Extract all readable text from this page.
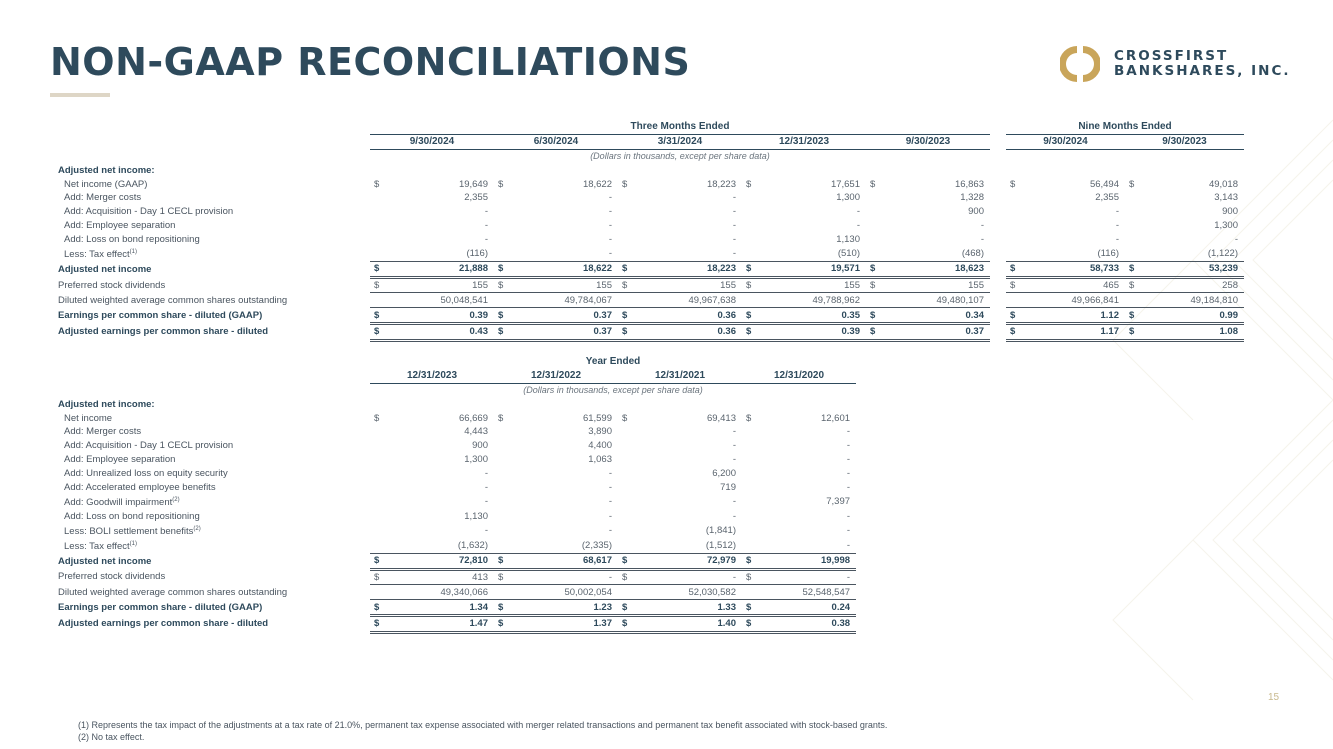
NON-GAAP RECONCILIATIONS	CROSSFIRST
BANKSHARES, INC.
	Three Months Ended						Nine Months Ended	
	9/30/2024	6/30/2024	3/31/2024	12/31/2023	9/30/2023		9/30/2024	9/30/2023
	(Dollars in thousands, except per share data)							
Adjusted net income:	

Net income (GAAP)	$ 19,649	$ 18,622	$ 18,223	$ 17,651	$ 16,863		$ 56,494	$ 49,018

Add: Merger costs	2,355	-	-	1,300	1,328		2,355	3,143

Add: Acquisition - Day 1 CECL provision	-	-	-	-	900		-	900

Add: Employee separation	-	-	-	-	-		-	1,300

Add: Loss on bond repositioning	-	-	-	1,130	-		-	-

Less: Tax effect$^{(1)}$	(116)	-	-	(510)	(468)		(116)	(1,122)

Adjusted net income	$ 21,888	$ 18,622	$ 18,223	$ 19,571	$ 18,623		$ 58,733	$ 53,239

Preferred stock dividends	$ 155	$ 155	$ 155	$ 155	$ 155		$ 465	$ 258

Diluted weighted average common shares outstanding	50,048,541	49,784,067	49,967,638	49,788,962	49,480,107		49,966,841	49,184,810

Earnings per common share - diluted (GAAP)	$ 0.39	$ 0.37	$ 0.36	$ 0.35	$ 0.34		$ 1.12	$ 0.99

Adjusted earnings per common share - diluted	$ 0.43	$ 0.37	$ 0.36	$ 0.39	$ 0.37		$ 1.17	$ 1.08
	Year Ended			
	12/31/2023	12/31/2022	12/31/2021	12/31/2020
	(Dollars in thousands, except per share data)			
Adjusted net income:	

Net income	$ 66,669	$ 61,599	$ 69,413	$ 12,601

Add: Merger costs	4,443	3,890	-	-

Add: Acquisition - Day 1 CECL provision	900	4,400	-	-

Add: Employee separation	1,300	1,063	-	-

Add: Unrealized loss on equity security	-	-	6,200	-

Add: Accelerated employee benefits	-	-	719	-

Add: Goodwill impairment$^{(2)}$	-	-	-	7,397

Add: Loss on bond repositioning	1,130	-	-	-

Less: BOLI settlement benefits$^{(2)}$	-	-	(1,841)	-

Less: Tax effect$^{(1)}$	(1,632)	(2,335)	(1,512)	-

Adjusted net income	$ 72,810	$ 68,617	$ 72,979	$ 19,998

Preferred stock dividends	$ 413	$ -	$ -	$ -

Diluted weighted average common shares outstanding	49,340,066	50,002,054	52,030,582	52,548,547

Earnings per common share - diluted (GAAP)	$ 1.34	$ 1.23	$ 1.33	$ 0.24

Adjusted earnings per common share - diluted	$ 1.47	$ 1.37	$ 1.40	$ 0.38
15
(1) Represents the tax impact of the adjustments at a tax rate of 21.0%, permanent tax expense associated with merger related transactions and permanent tax benefit associated with stock-based grants.
(2) No tax effect.
